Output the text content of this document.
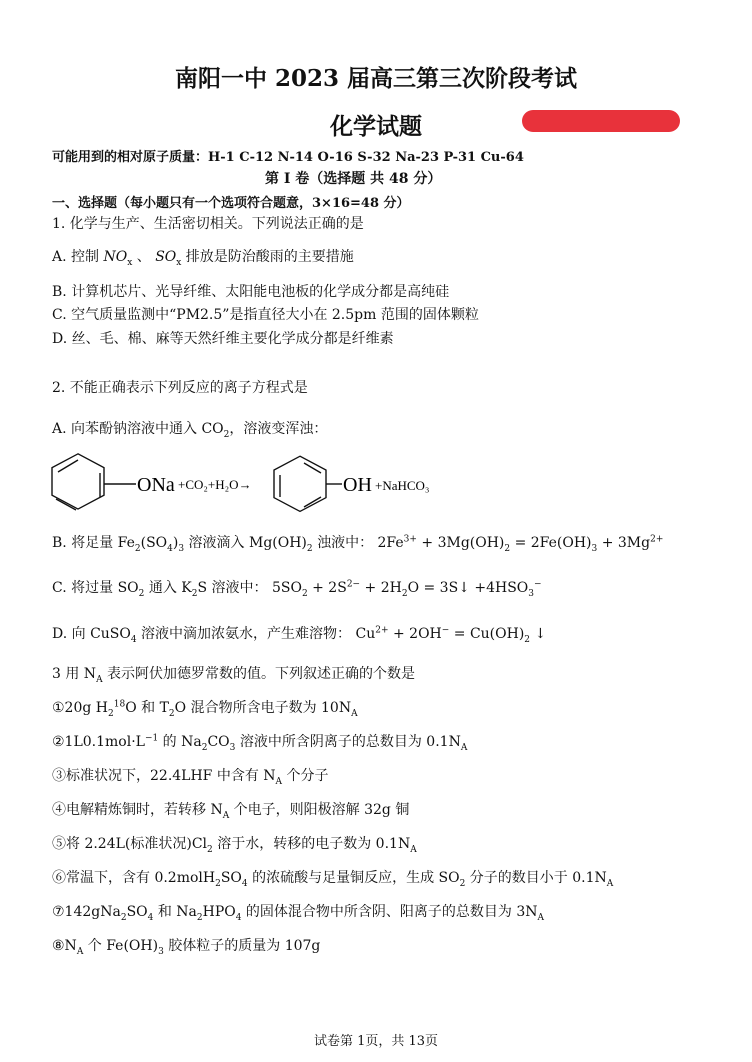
南阳一中 2023 届高三第三次阶段考试
化学试题
可能用到的相对原子质量：H-1 C-12 N-14 O-16 S-32 Na-23 P-31 Cu-64
第 I 卷（选择题 共 48 分）
一、选择题（每小题只有一个选项符合题意，3×16=48 分）
1. 化学与生产、生活密切相关。下列说法正确的是
A. 控制 $NO_x$ 、 $SO_x$ 排放是防治酸雨的主要措施
B. 计算机芯片、光导纤维、太阳能电池板的化学成分都是高纯硅
C. 空气质量监测中“PM2.5”是指直径大小在 2.5pm 范围的固体颗粒
D. 丝、毛、棉、麻等天然纤维主要化学成分都是纤维素
2. 不能正确表示下列反应的离子方程式是
A. 向苯酚钠溶液中通入 $CO_2$，溶液变浑浊：
ONa +CO₂+H₂O→	OH +NaHCO₃
B. 将足量 $Fe_2(SO_4)_3$ 溶液滴入 $Mg(OH)_2$ 浊液中： $2Fe^{3+} + 3Mg(OH)_2 = 2Fe(OH)_3 + 3Mg^{2+}$
C. 将过量 $SO_2$ 通入 $K_2S$ 溶液中： $5SO_2 + 2S^{2-} + 2H_2O$ = 3S↓ $+4HSO_3^-$
D. 向 CuSO$_4$ 溶液中滴加浓氨水，产生难溶物： $Cu^{2+} + 2OH^- = Cu(OH)_2$ ↓
3 用 $N_A$ 表示阿伏加德罗常数的值。下列叙述正确的个数是
①20g $H_2^{18}O$ 和 $T_2O$ 混合物所含电子数为 $10N_A$
$②1L0.1mol\cdot L^{-1}$ 的 $Na_2CO_3$ 溶液中所含阴离子的总数目为 $0.1N_A$
③标准状况下，22.4LHF 中含有 $N_A$ 个分子
④电解精炼铜时，若转移 $N_A$ 个电子，则阳极溶解 32g 铜
⑤将 2.24L(标准状况)$Cl_2$ 溶于水，转移的电子数为 $0.1N_A$
⑥常温下，含有 $0.2molH_2SO_4$ 的浓硫酸与足量铜反应，生成 $SO_2$ 分子的数目小于 $0.1N_A$
$⑦142gNa_2SO_4$ 和 $Na_2HPO_4$ 的固体混合物中所含阴、阳离子的总数目为 $3N_A$
$⑧N_A$ 个 $Fe(OH)_3$ 胶体粒子的质量为 107g
试卷第 1页，共 13页
